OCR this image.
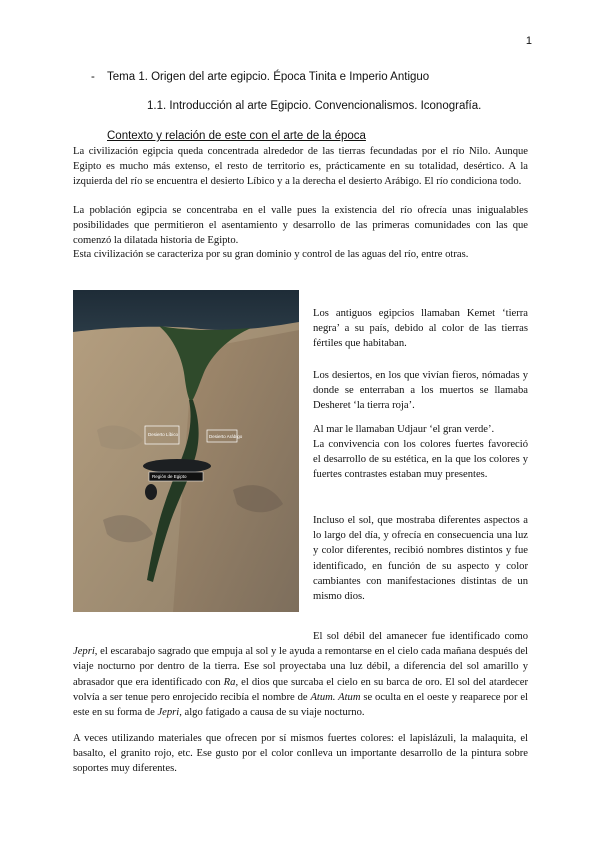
1
- Tema 1. Origen del arte egipcio. Época Tinita e Imperio Antiguo
1.1. Introducción al arte Egipcio. Convencionalismos. Iconografía.
Contexto y relación de este con el arte de la época

La civilización egipcia queda concentrada alrededor de las tierras fecundadas por el río Nilo. Aunque Egipto es mucho más extenso, el resto de territorio es, prácticamente en su totalidad, desértico. A la izquierda del río se encuentra el desierto Líbico y a la derecha el desierto Arábigo. El río condiciona todo.

La población egipcia se concentraba en el valle pues la existencia del río ofrecía unas inigualables posibilidades que permitieron el asentamiento y desarrollo de las primeras comunidades con las que comenzó la dilatada historia de Egipto.

Esta civilización se caracteriza por su gran dominio y control de las aguas del río, entre otras.

Desierto Líbico	Desierto Arábigo
Región de Egipto

Los antiguos egipcios llamaban Kemet ‘tierra negra’ a su país, debido al color de las tierras fértiles que habitaban.

Los desiertos, en los que vivían fieros, nómadas y donde se enterraban a los muertos se llamaba Desheret ‘la tierra roja’.

Al mar le llamaban Udjaur ‘el gran verde’.

La convivencia con los colores fuertes favoreció el desarrollo de su estética, en la que los colores y fuertes contrastes estaban muy presentes.

Incluso el sol, que mostraba diferentes aspectos a lo largo del día, y ofrecía en consecuencia una luz y color diferentes, recibió nombres distintos y fue identificado, en función de su aspecto y color cambiantes con manifestaciones distintas de un mismo dios.

El sol débil del amanecer fue identificado como Jepri, el escarabajo sagrado que empuja al sol y le ayuda a remontarse en el cielo cada mañana después del viaje nocturno por dentro de la tierra. Ese sol proyectaba una luz débil, a diferencia del sol amarillo y abrasador que era identificado con Ra, el dios que surcaba el cielo en su barca de oro. El sol del atardecer volvía a ser tenue pero enrojecido recibía el nombre de Atum. Atum se oculta en el oeste y reaparece por el este en su forma de Jepri, algo fatigado a causa de su viaje nocturno.

A veces utilizando materiales que ofrecen por sí mismos fuertes colores: el lapislázuli, la malaquita, el basalto, el granito rojo, etc. Ese gusto por el color conlleva un importante desarrollo de la pintura sobre soportes muy diferentes.
